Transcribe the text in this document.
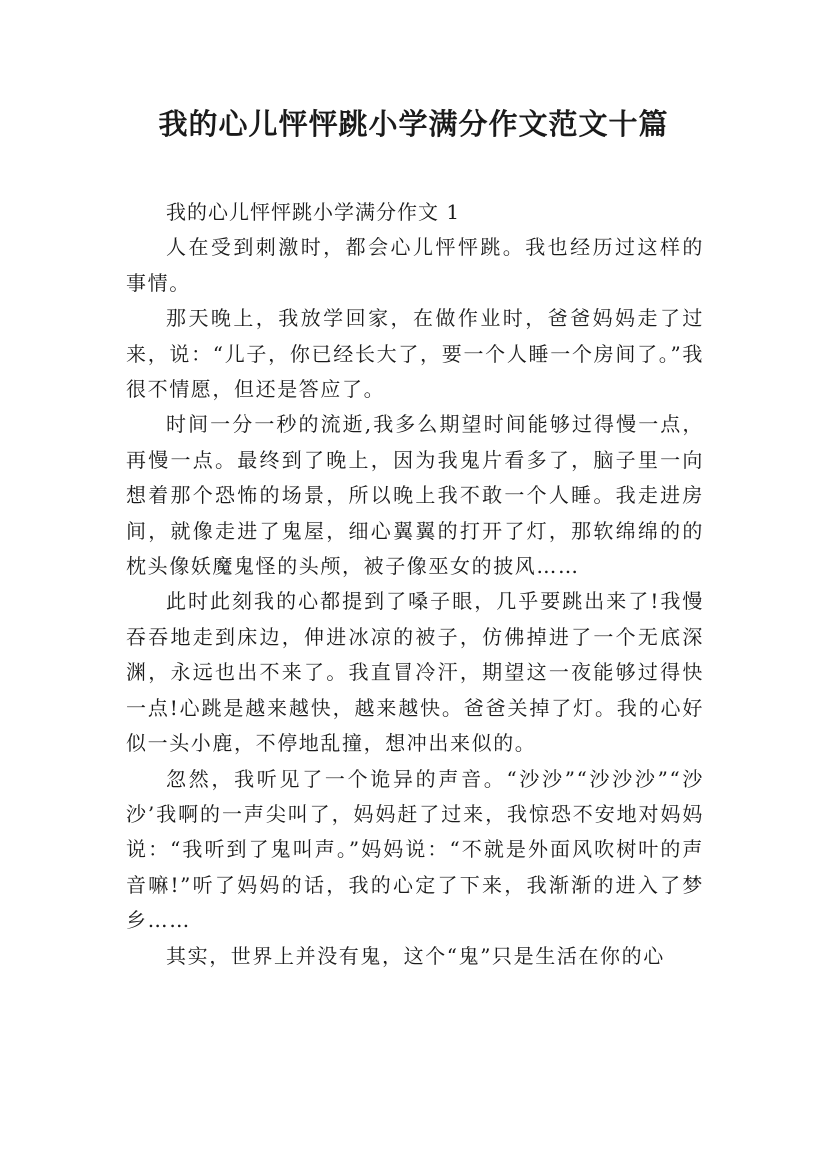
我的心儿怦怦跳小学满分作文范文十篇

我的心儿怦怦跳小学满分作文 1

人在受到刺激时，都会心儿怦怦跳。我也经历过这样的事情。

那天晚上，我放学回家，在做作业时，爸爸妈妈走了过来，说：“儿子，你已经长大了，要一个人睡一个房间了。”我很不情愿，但还是答应了。

时间一分一秒的流逝,我多么期望时间能够过得慢一点，再慢一点。最终到了晚上，因为我鬼片看多了，脑子里一向想着那个恐怖的场景，所以晚上我不敢一个人睡。我走进房间，就像走进了鬼屋，细心翼翼的打开了灯，那软绵绵的的枕头像妖魔鬼怪的头颅，被子像巫女的披风……

此时此刻我的心都提到了嗓子眼，几乎要跳出来了!我慢吞吞地走到床边，伸进冰凉的被子，仿佛掉进了一个无底深渊，永远也出不来了。我直冒冷汗，期望这一夜能够过得快一点!心跳是越来越快，越来越快。爸爸关掉了灯。我的心好似一头小鹿，不停地乱撞，想冲出来似的。

忽然，我听见了一个诡异的声音。“沙沙”“沙沙沙”“沙沙’我啊的一声尖叫了，妈妈赶了过来，我惊恐不安地对妈妈说：“我听到了鬼叫声。”妈妈说：“不就是外面风吹树叶的声音嘛!”听了妈妈的话，我的心定了下来，我渐渐的进入了梦乡……

其实，世界上并没有鬼，这个“鬼”只是生活在你的心
